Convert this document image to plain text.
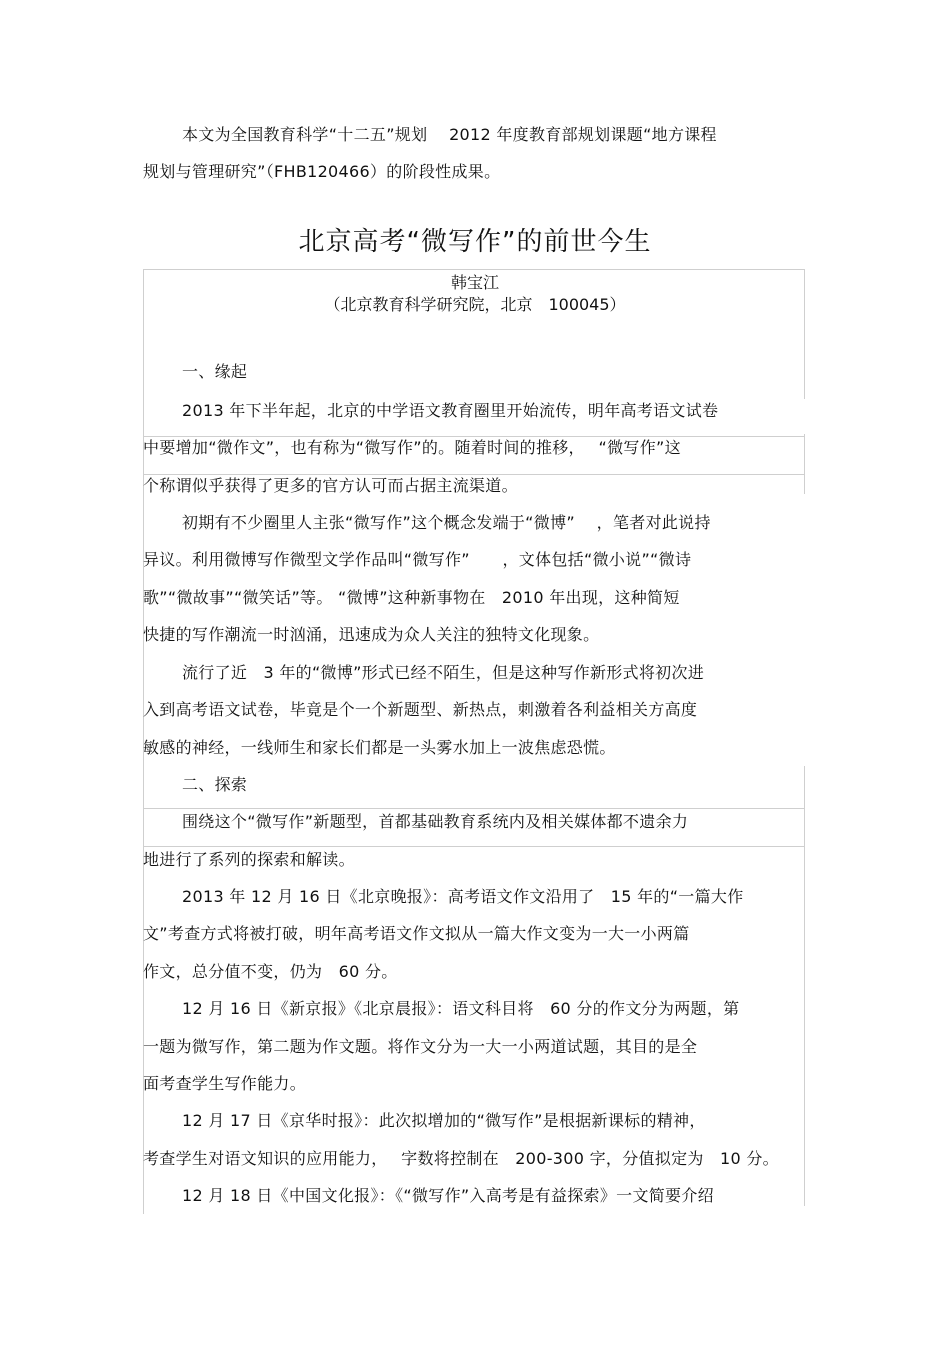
本文为全国教育科学“十二五”规划　 2012 年度教育部规划课题“地方课程
规划与管理研究”（FHB120466）的阶段性成果。
北京高考“微写作”的前世今生
韩宝江
（北京教育科学研究院，北京　100045）
一、缘起
2013 年下半年起，北京的中学语文教育圈里开始流传，明年高考语文试卷
中要增加“微作文”，也有称为“微写作”的。随着时间的推移，　 “微写作”这
个称谓似乎获得了更多的官方认可而占据主流渠道。
初期有不少圈里人主张“微写作”这个概念发端于“微博”　 ，笔者对此说持
异议。利用微博写作微型文学作品叫“微写作”　　，文体包括“微小说”“微诗
歌”“微故事”“微笑话”等。 “微博”这种新事物在　2010 年出现，这种简短
快捷的写作潮流一时汹涌，迅速成为众人关注的独特文化现象。
流行了近　3 年的“微博”形式已经不陌生，但是这种写作新形式将初次进
入到高考语文试卷，毕竟是个一个新题型、新热点，刺激着各利益相关方高度
敏感的神经，一线师生和家长们都是一头雾水加上一波焦虑恐慌。
二、探索
围绕这个“微写作”新题型，首都基础教育系统内及相关媒体都不遗余力
地进行了系列的探索和解读。
2013 年 12 月 16 日《北京晚报》：高考语文作文沿用了　15 年的“一篇大作
文”考查方式将被打破，明年高考语文作文拟从一篇大作文变为一大一小两篇
作文，总分值不变，仍为　60 分。
12 月 16 日《新京报》《北京晨报》：语文科目将　60 分的作文分为两题，第
一题为微写作，第二题为作文题。将作文分为一大一小两道试题，其目的是全
面考查学生写作能力。
12 月 17 日《京华时报》：此次拟增加的“微写作”是根据新课标的精神，
考查学生对语文知识的应用能力，　 字数将控制在　200-300 字，分值拟定为　10 分。
12 月 18 日《中国文化报》：《“微写作”入高考是有益探索》一文简要介绍
